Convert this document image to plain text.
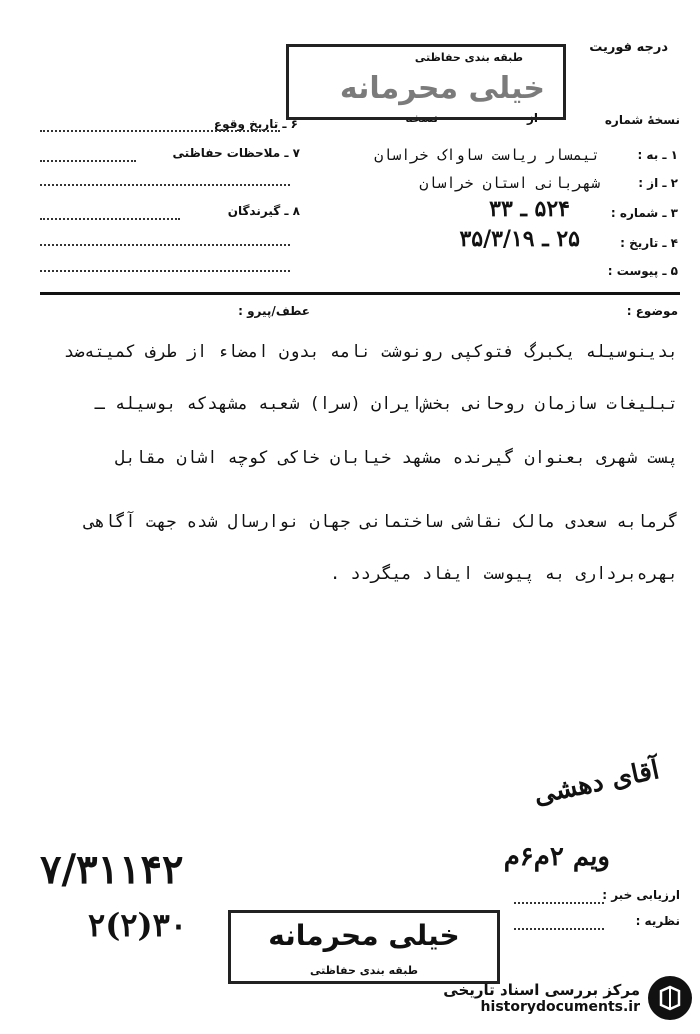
درجه فوریت
نسخهٔ شماره
از
نسخه
طبقه بندی حفاظتی
خیلی محرمانه
۶ ـ تاریخ وقوع
۷ ـ ملاحظات حفاظتی
۸ ـ گیرندگان
۱ ـ به :
تیمسار ریاست ساواک خراسان
۲ ـ از :
شهربانی استان خراسان
۳ ـ شماره :
۵۲۴ ـ ۳۳
۴ ـ تاریخ :
۲۵ ـ ۳۵/۳/۱۹
۵ ـ پیوست :
موضوع :
عطف/پیرو :
بدینوسیله یکبرگ فتوکپی رونوشت نامه بدون امضاء از طرف کمیته‌ضد
تبلیغات سازمان روحانی بخش‌ایران (سرا) شعبه مشهدکه بوسیله ـ
پست شهری بعنوان گیرنده مشهد خیابان خاکی کوچه اشان مقابل
گرمابه سعدی مالک نقاشی ساختمانی جهان نوارسال شده جهت آگاهی
بهره‌برداری به پیوست ایفاد میگردد .
آقای دهشی
ویم ۲م۶م
۷/۳۱۱۴۲
۲(۲)۳۰
ارزیابی خبر :
نظریه :
خیلی محرمانه
طبقه بندی حفاظتی
مرکز بررسی اسناد تاریخی
historydocuments.ir
